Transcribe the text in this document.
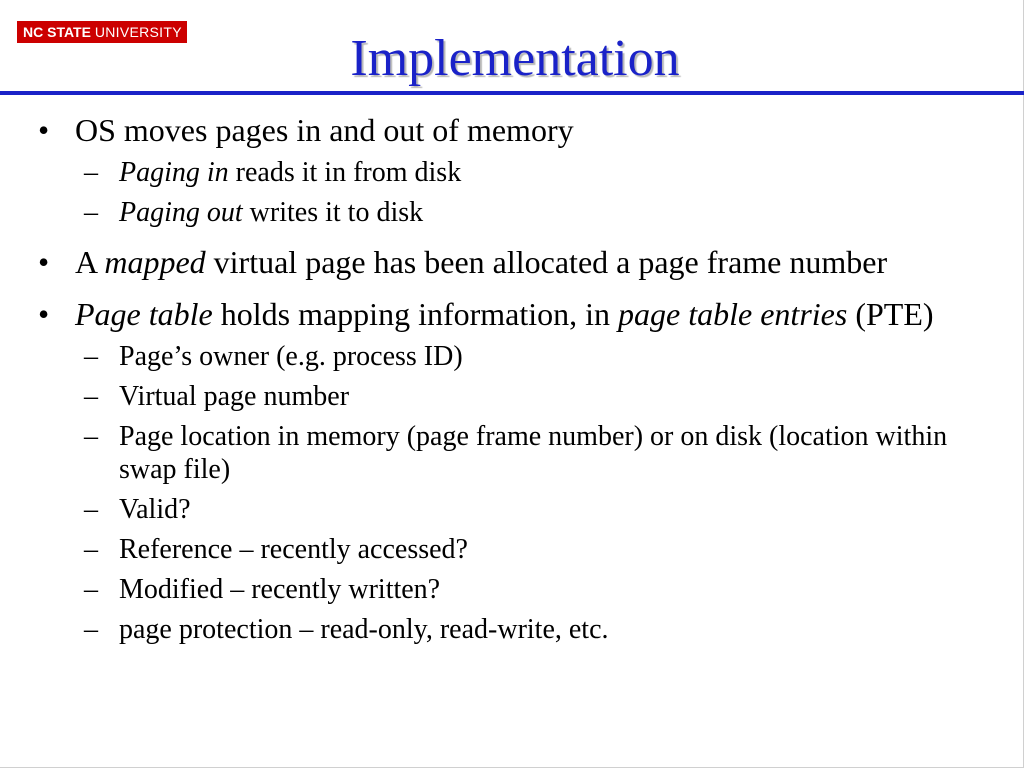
NC STATE UNIVERSITY	Implementation
• OS moves pages in and out of memory
– Paging in reads it in from disk
– Paging out writes it to disk
• A mapped virtual page has been allocated a page frame number
• Page table holds mapping information, in page table entries (PTE)
– Page’s owner (e.g. process ID)
– Virtual page number
– Page location in memory (page frame number) or on disk (location within swap file)
– Valid?
– Reference – recently accessed?
– Modified – recently written?
– page protection – read-only, read-write, etc.
